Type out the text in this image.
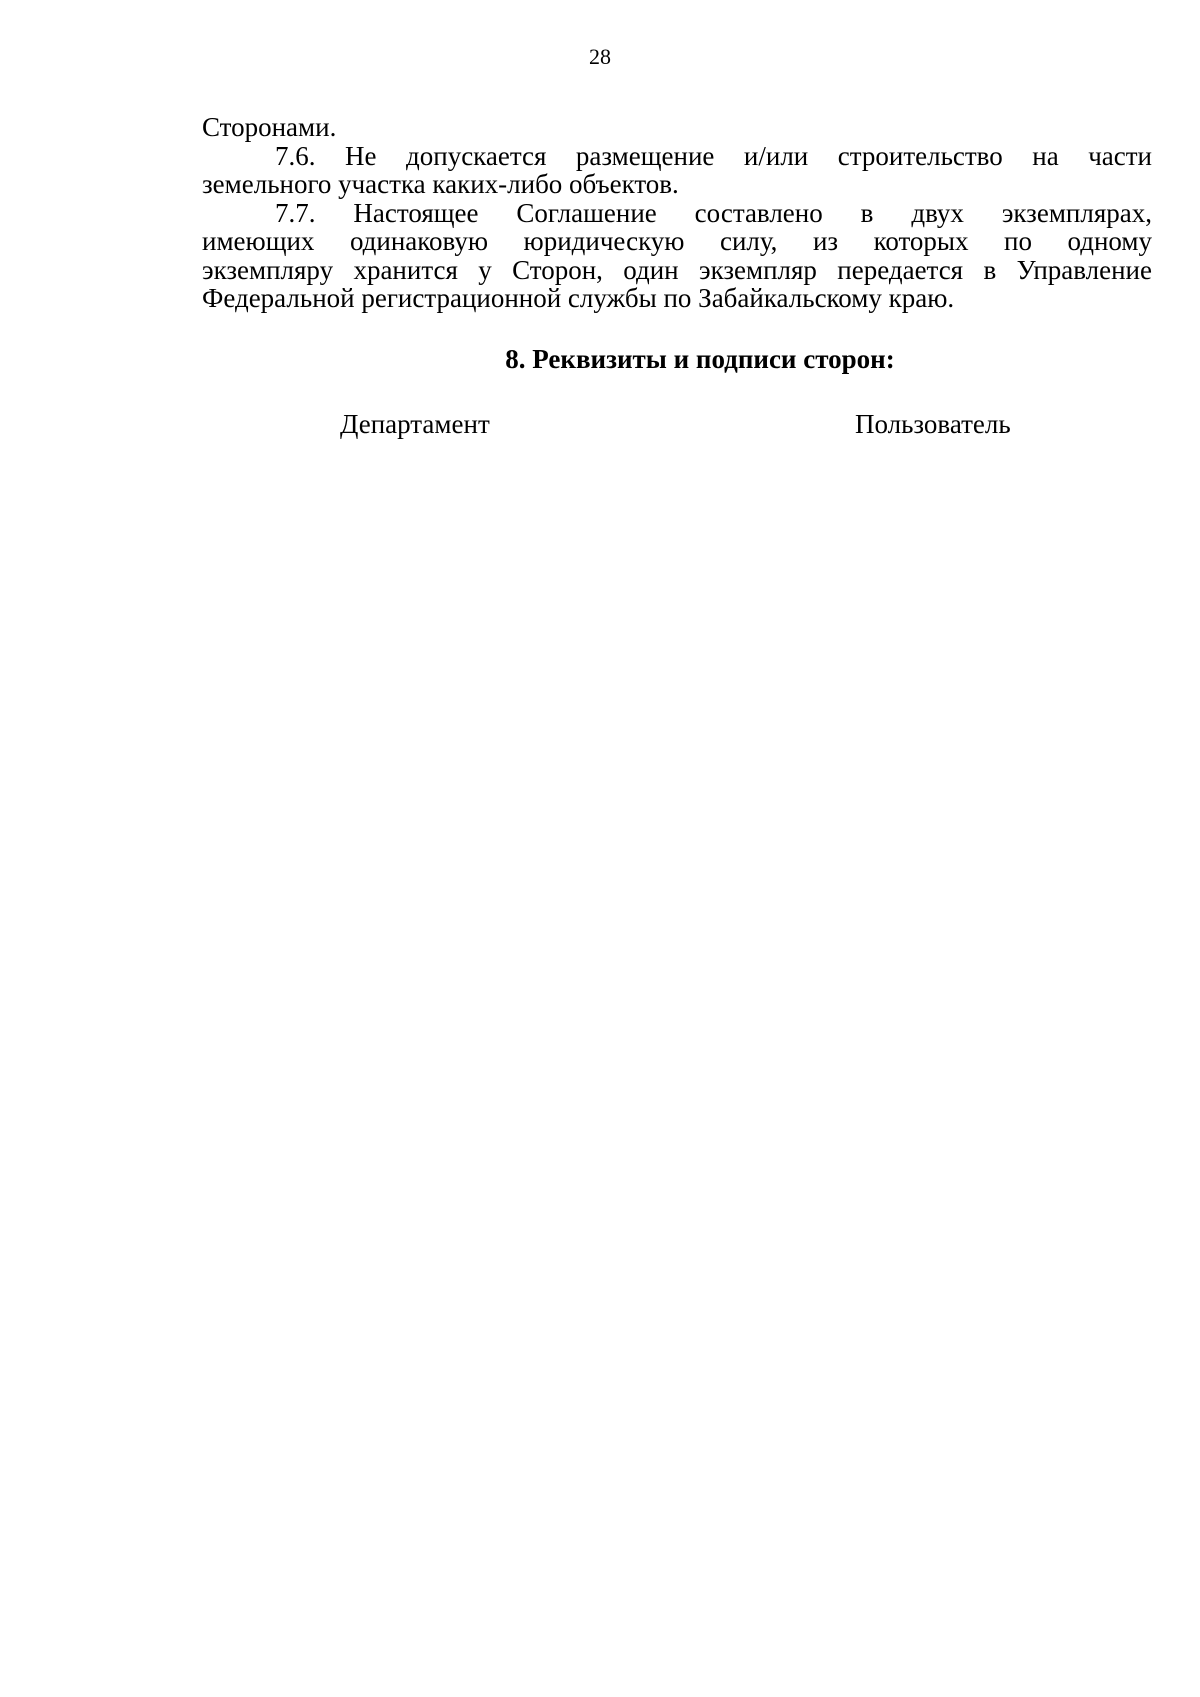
28
Сторонами.
7.6. Не допускается размещение и/или строительство на части
земельного участка каких-либо объектов.
7.7. Настоящее Соглашение составлено в двух экземплярах,
имеющих одинаковую юридическую силу, из которых по одному
экземпляру хранится у Сторон, один экземпляр передается в Управление
Федеральной регистрационной службы по Забайкальскому краю.
8. Реквизиты и подписи сторон:
Департамент	Пользователь
